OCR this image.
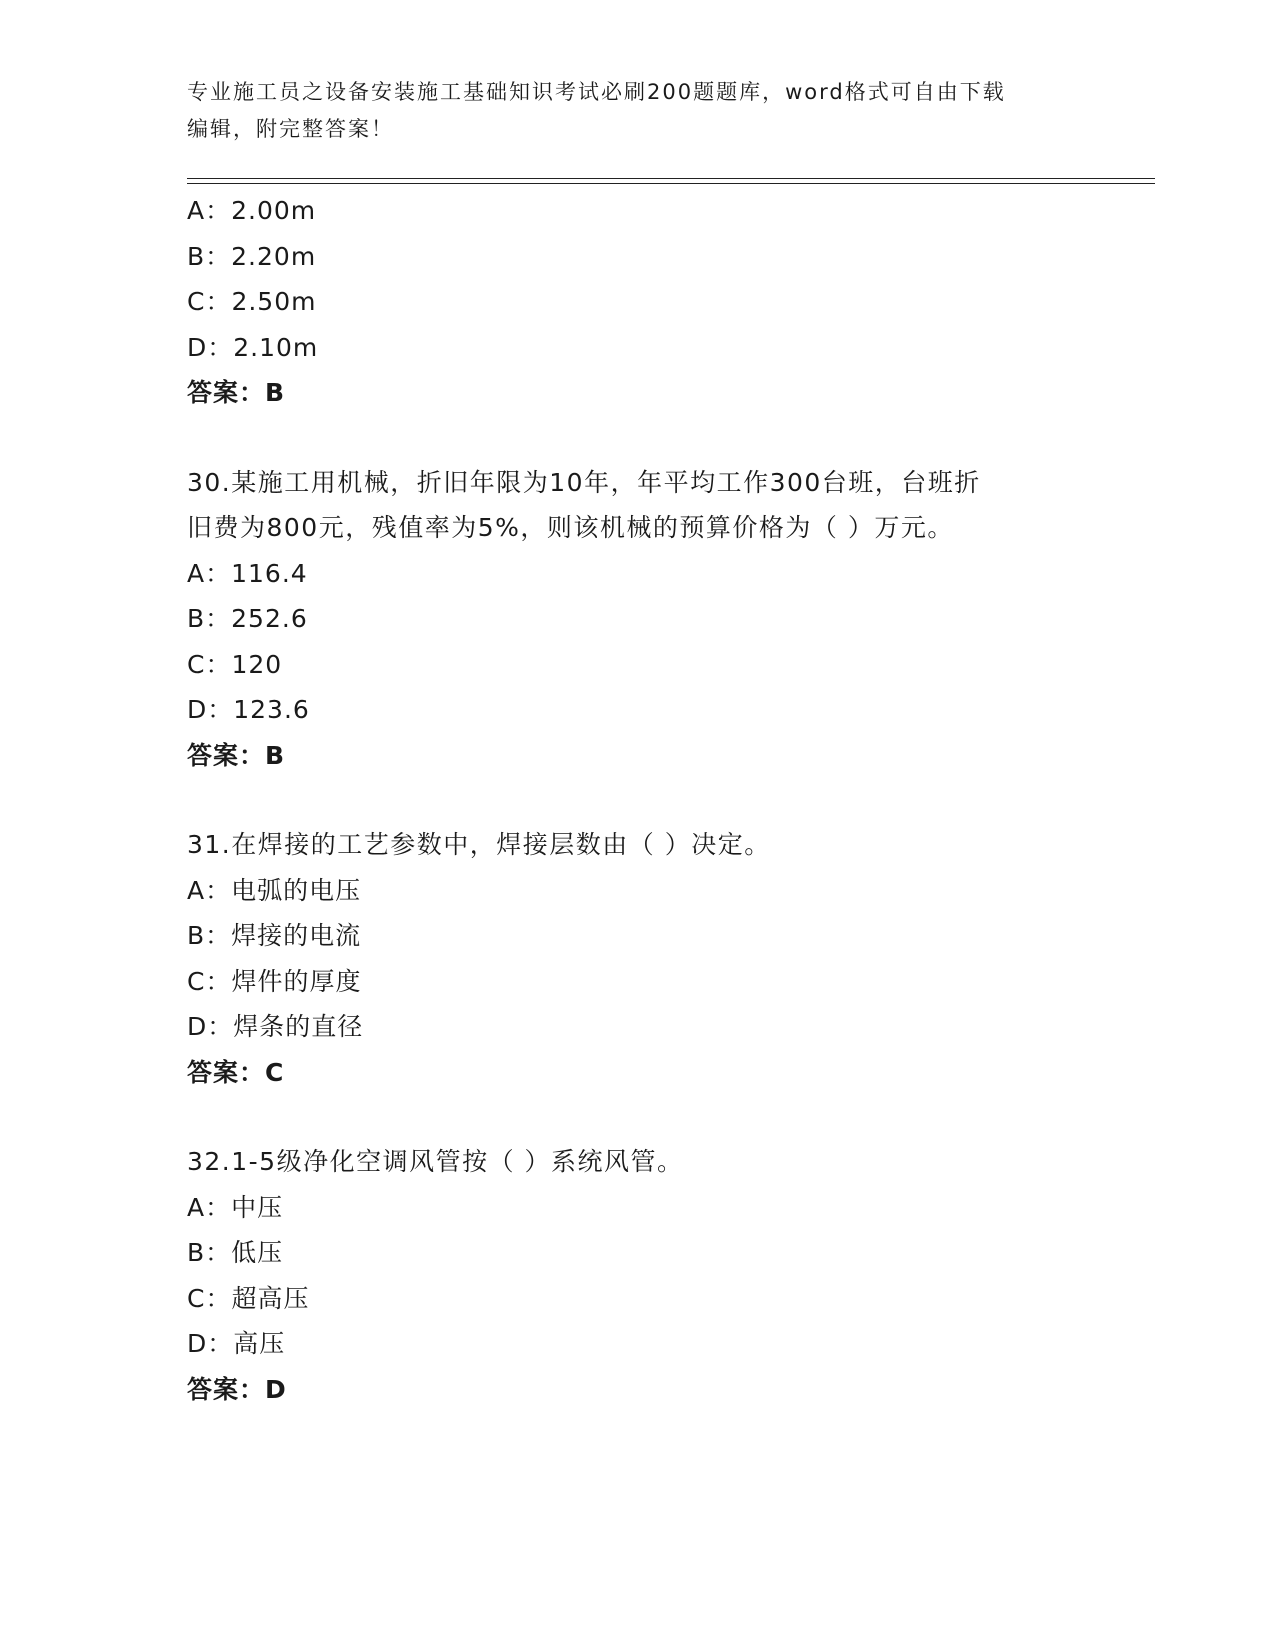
专业施工员之设备安装施工基础知识考试必刷200题题库，word格式可自由下载
编辑，附完整答案！
A：2.00m
B：2.20m
C：2.50m
D：2.10m
答案：B
30.某施工用机械，折旧年限为10年，年平均工作300台班，台班折
旧费为800元，残值率为5%，则该机械的预算价格为（ ）万元。
A：116.4
B：252.6
C：120
D：123.6
答案：B
31.在焊接的工艺参数中，焊接层数由（ ）决定。
A：电弧的电压
B：焊接的电流
C：焊件的厚度
D：焊条的直径
答案：C
32.1-5级净化空调风管按（ ）系统风管。
A：中压
B：低压
C：超高压
D：高压
答案：D
